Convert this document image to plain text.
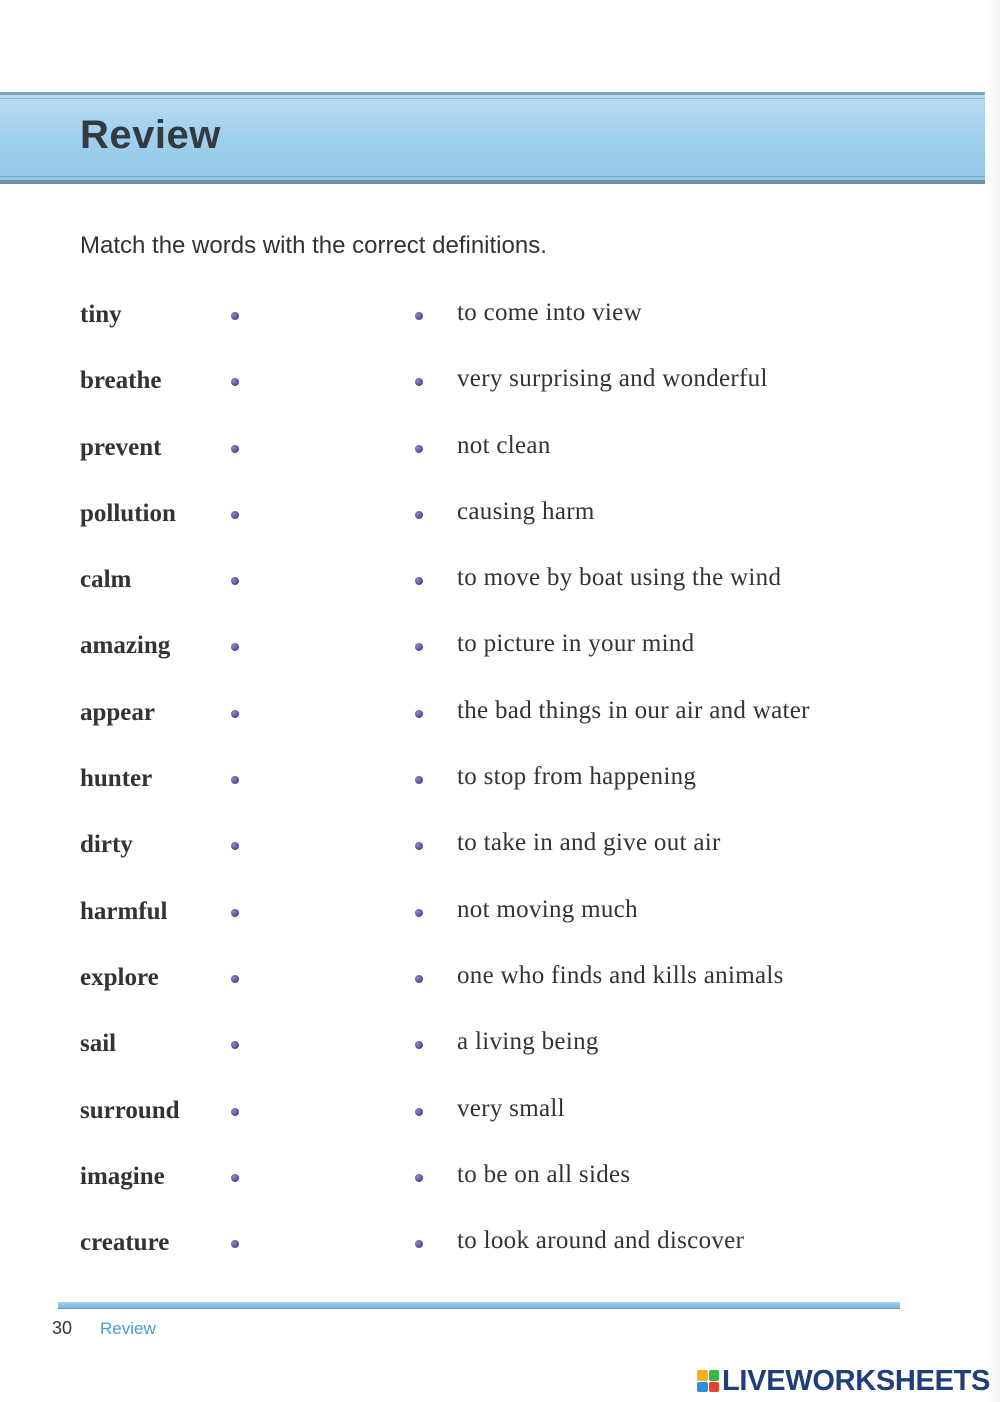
Review

Match the words with the correct definitions.

tiny	to come into view
breathe	very surprising and wonderful
prevent	not clean
pollution	causing harm
calm	to move by boat using the wind
amazing	to picture in your mind
appear	the bad things in our air and water
hunter	to stop from happening
dirty	to take in and give out air
harmful	not moving much
explore	one who finds and kills animals
sail	a living being
surround	very small
imagine	to be on all sides
creature	to look around and discover
30 Review
LIVEWORKSHEETS
